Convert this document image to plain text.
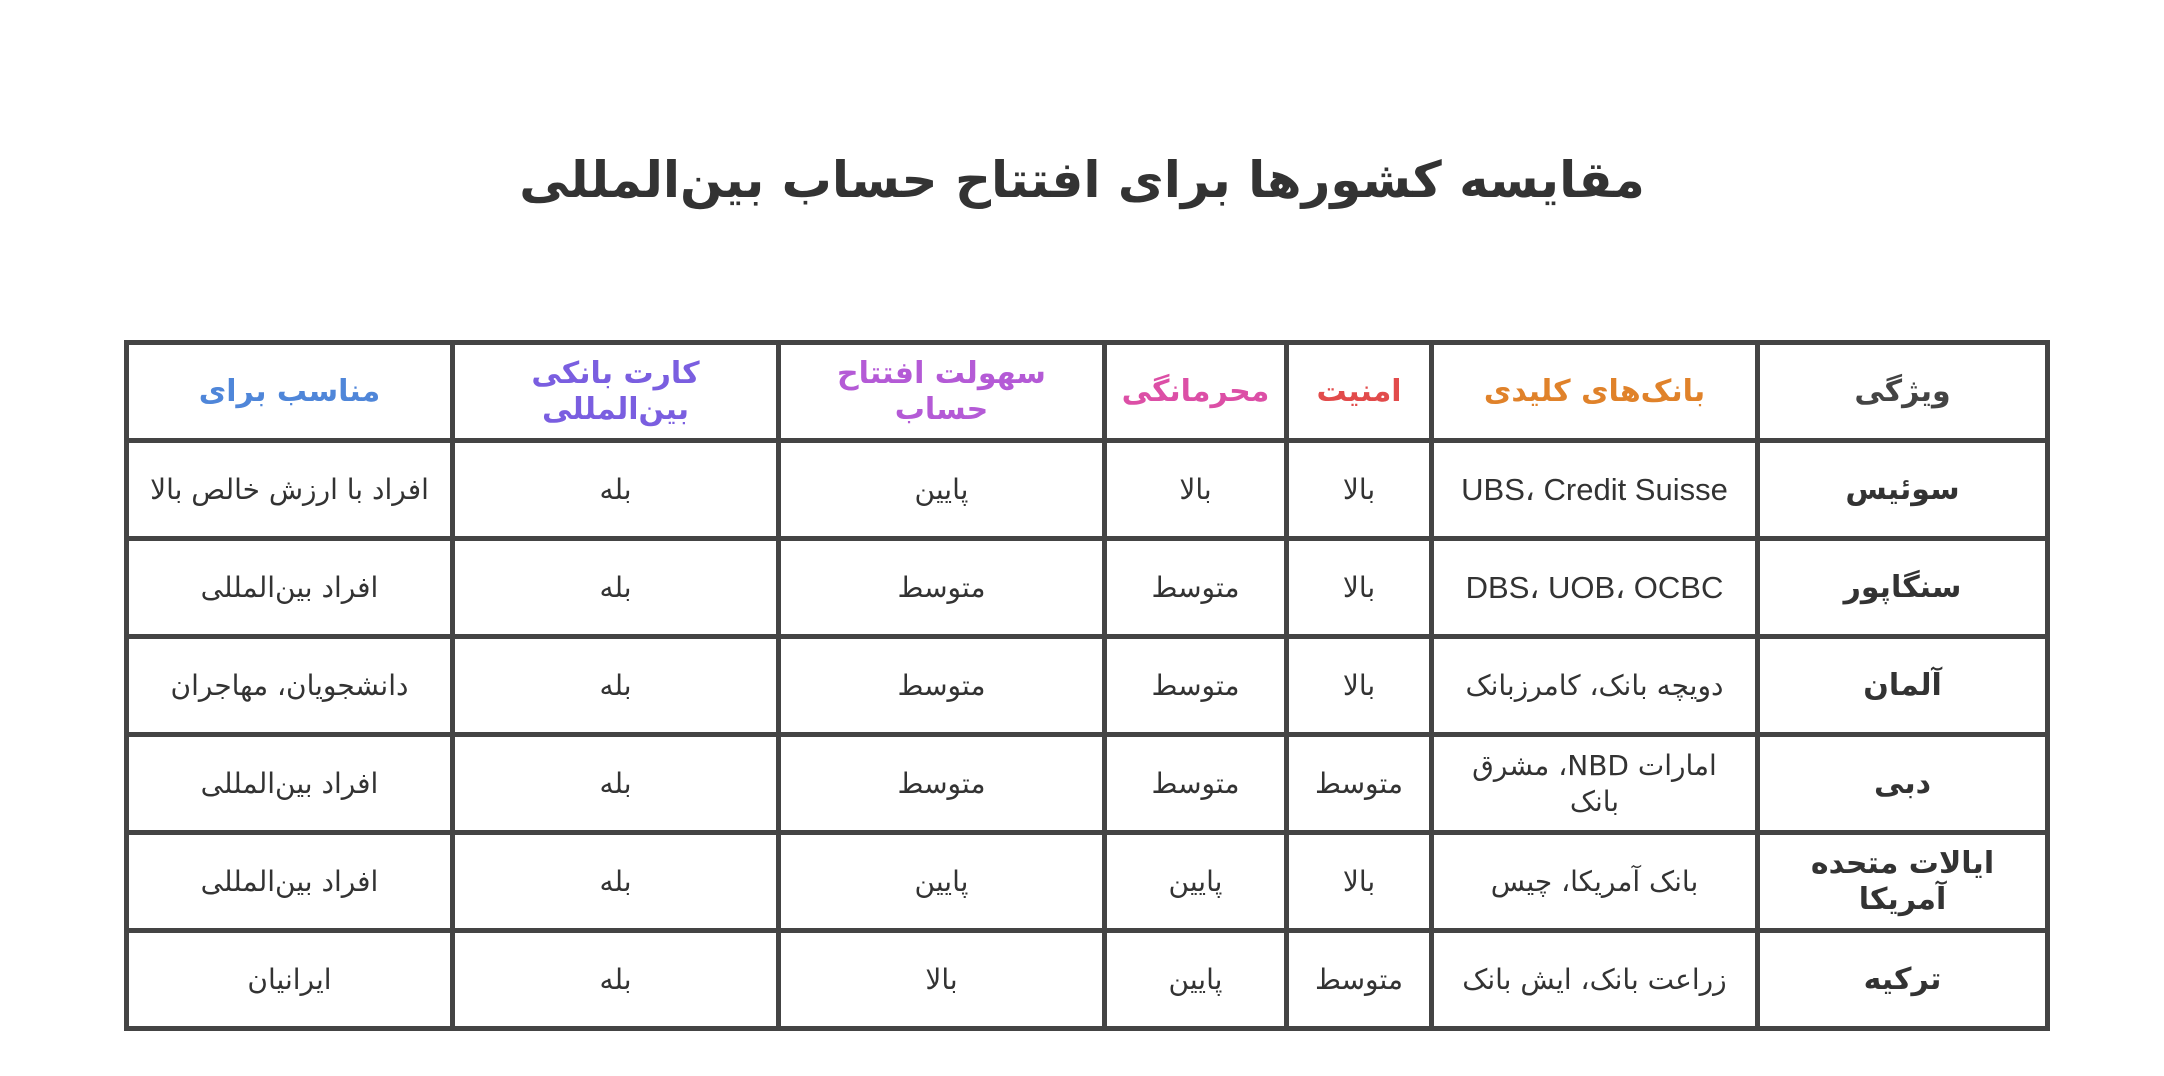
مقایسه کشورها برای افتتاح حساب بین‌المللی
ویژگی	بانک‌های کلیدی	امنیت	محرمانگی	سهولت افتتاح حساب	کارت بانکی بین‌المللی	مناسب برای
سوئیس	UBS، Credit Suisse	بالا	بالا	پایین	بله	افراد با ارزش خالص بالا
سنگاپور	DBS، UOB، OCBC	بالا	متوسط	متوسط	بله	افراد بین‌المللی
آلمان	دویچه بانک، کامرزبانک	بالا	متوسط	متوسط	بله	دانشجویان، مهاجران
دبی	امارات NBD، مشرق بانک	متوسط	متوسط	متوسط	بله	افراد بین‌المللی
ایالات متحده آمریکا	بانک آمریکا، چیس	بالا	پایین	پایین	بله	افراد بین‌المللی
ترکیه	زراعت بانک، ایش بانک	متوسط	پایین	بالا	بله	ایرانیان
